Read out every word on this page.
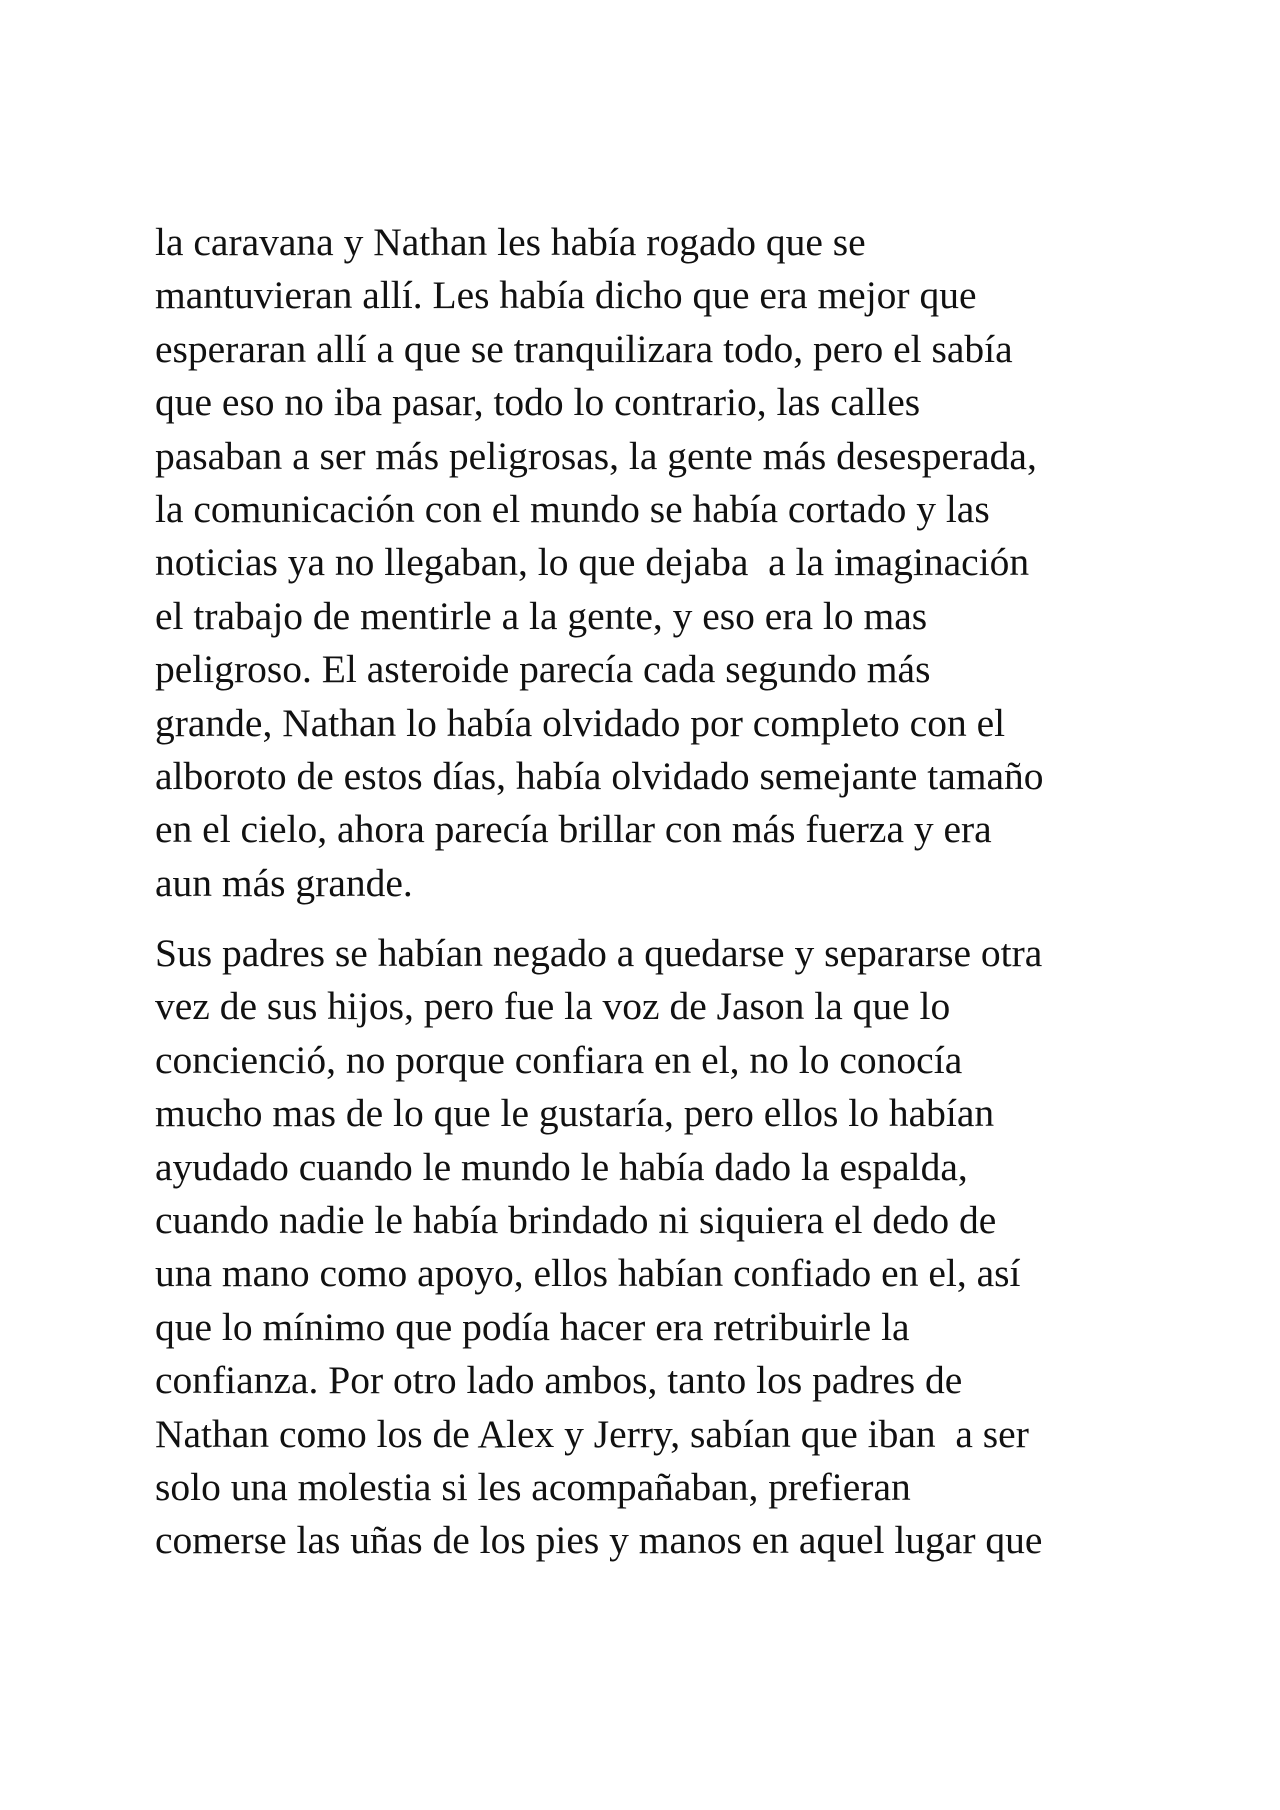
la caravana y Nathan les había rogado que se
mantuvieran allí. Les había dicho que era mejor que
esperaran allí a que se tranquilizara todo, pero el sabía
que eso no iba pasar, todo lo contrario, las calles
pasaban a ser más peligrosas, la gente más desesperada,
la comunicación con el mundo se había cortado y las
noticias ya no llegaban, lo que dejaba  a la imaginación
el trabajo de mentirle a la gente, y eso era lo mas
peligroso. El asteroide parecía cada segundo más
grande, Nathan lo había olvidado por completo con el
alboroto de estos días, había olvidado semejante tamaño
en el cielo, ahora parecía brillar con más fuerza y era
aun más grande.

Sus padres se habían negado a quedarse y separarse otra
vez de sus hijos, pero fue la voz de Jason la que lo
concienció, no porque confiara en el, no lo conocía
mucho mas de lo que le gustaría, pero ellos lo habían
ayudado cuando le mundo le había dado la espalda,
cuando nadie le había brindado ni siquiera el dedo de
una mano como apoyo, ellos habían confiado en el, así
que lo mínimo que podía hacer era retribuirle la
confianza. Por otro lado ambos, tanto los padres de
Nathan como los de Alex y Jerry, sabían que iban  a ser
solo una molestia si les acompañaban, prefieran
comerse las uñas de los pies y manos en aquel lugar que
